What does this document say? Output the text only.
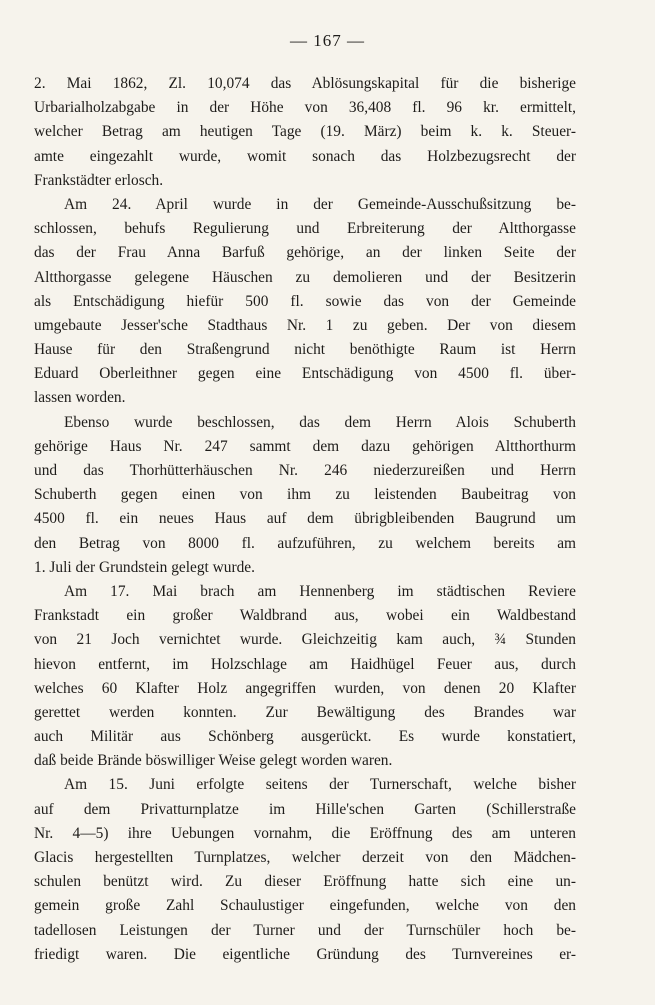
— 167 —
2. Mai 1862, Zl. 10,074 das Ablösungskapital für die bisherige
Urbarialholzabgabe in der Höhe von 36,408 fl. 96 kr. ermittelt,
welcher Betrag am heutigen Tage (19. März) beim k. k. Steuer-
amte eingezahlt wurde, womit sonach das Holzbezugsrecht der
Frankstädter erlosch.
Am 24. April wurde in der Gemeinde-Ausschußsitzung be-
schlossen, behufs Regulierung und Erbreiterung der Altthorgasse
das der Frau Anna Barfuß gehörige, an der linken Seite der
Altthorgasse gelegene Häuschen zu demolieren und der Besitzerin
als Entschädigung hiefür 500 fl. sowie das von der Gemeinde
umgebaute Jesser'sche Stadthaus Nr. 1 zu geben. Der von diesem
Hause für den Straßengrund nicht benöthigte Raum ist Herrn
Eduard Oberleithner gegen eine Entschädigung von 4500 fl. über-
lassen worden.
Ebenso wurde beschlossen, das dem Herrn Alois Schuberth
gehörige Haus Nr. 247 sammt dem dazu gehörigen Altthorthurm
und das Thorhütterhäuschen Nr. 246 niederzureißen und Herrn
Schuberth gegen einen von ihm zu leistenden Baubeitrag von
4500 fl. ein neues Haus auf dem übrigbleibenden Baugrund um
den Betrag von 8000 fl. aufzuführen, zu welchem bereits am
1. Juli der Grundstein gelegt wurde.
Am 17. Mai brach am Hennenberg im städtischen Reviere
Frankstadt ein großer Waldbrand aus, wobei ein Waldbestand
von 21 Joch vernichtet wurde. Gleichzeitig kam auch, ¾ Stunden
hievon entfernt, im Holzschlage am Haidhügel Feuer aus, durch
welches 60 Klafter Holz angegriffen wurden, von denen 20 Klafter
gerettet werden konnten. Zur Bewältigung des Brandes war
auch Militär aus Schönberg ausgerückt. Es wurde konstatiert,
daß beide Brände böswilliger Weise gelegt worden waren.
Am 15. Juni erfolgte seitens der Turnerschaft, welche bisher
auf dem Privatturnplatze im Hille'schen Garten (Schillerstraße
Nr. 4—5) ihre Uebungen vornahm, die Eröffnung des am unteren
Glacis hergestellten Turnplatzes, welcher derzeit von den Mädchen-
schulen benützt wird. Zu dieser Eröffnung hatte sich eine un-
gemein große Zahl Schaulustiger eingefunden, welche von den
tadellosen Leistungen der Turner und der Turnschüler hoch be-
friedigt waren. Die eigentliche Gründung des Turnvereines er-
